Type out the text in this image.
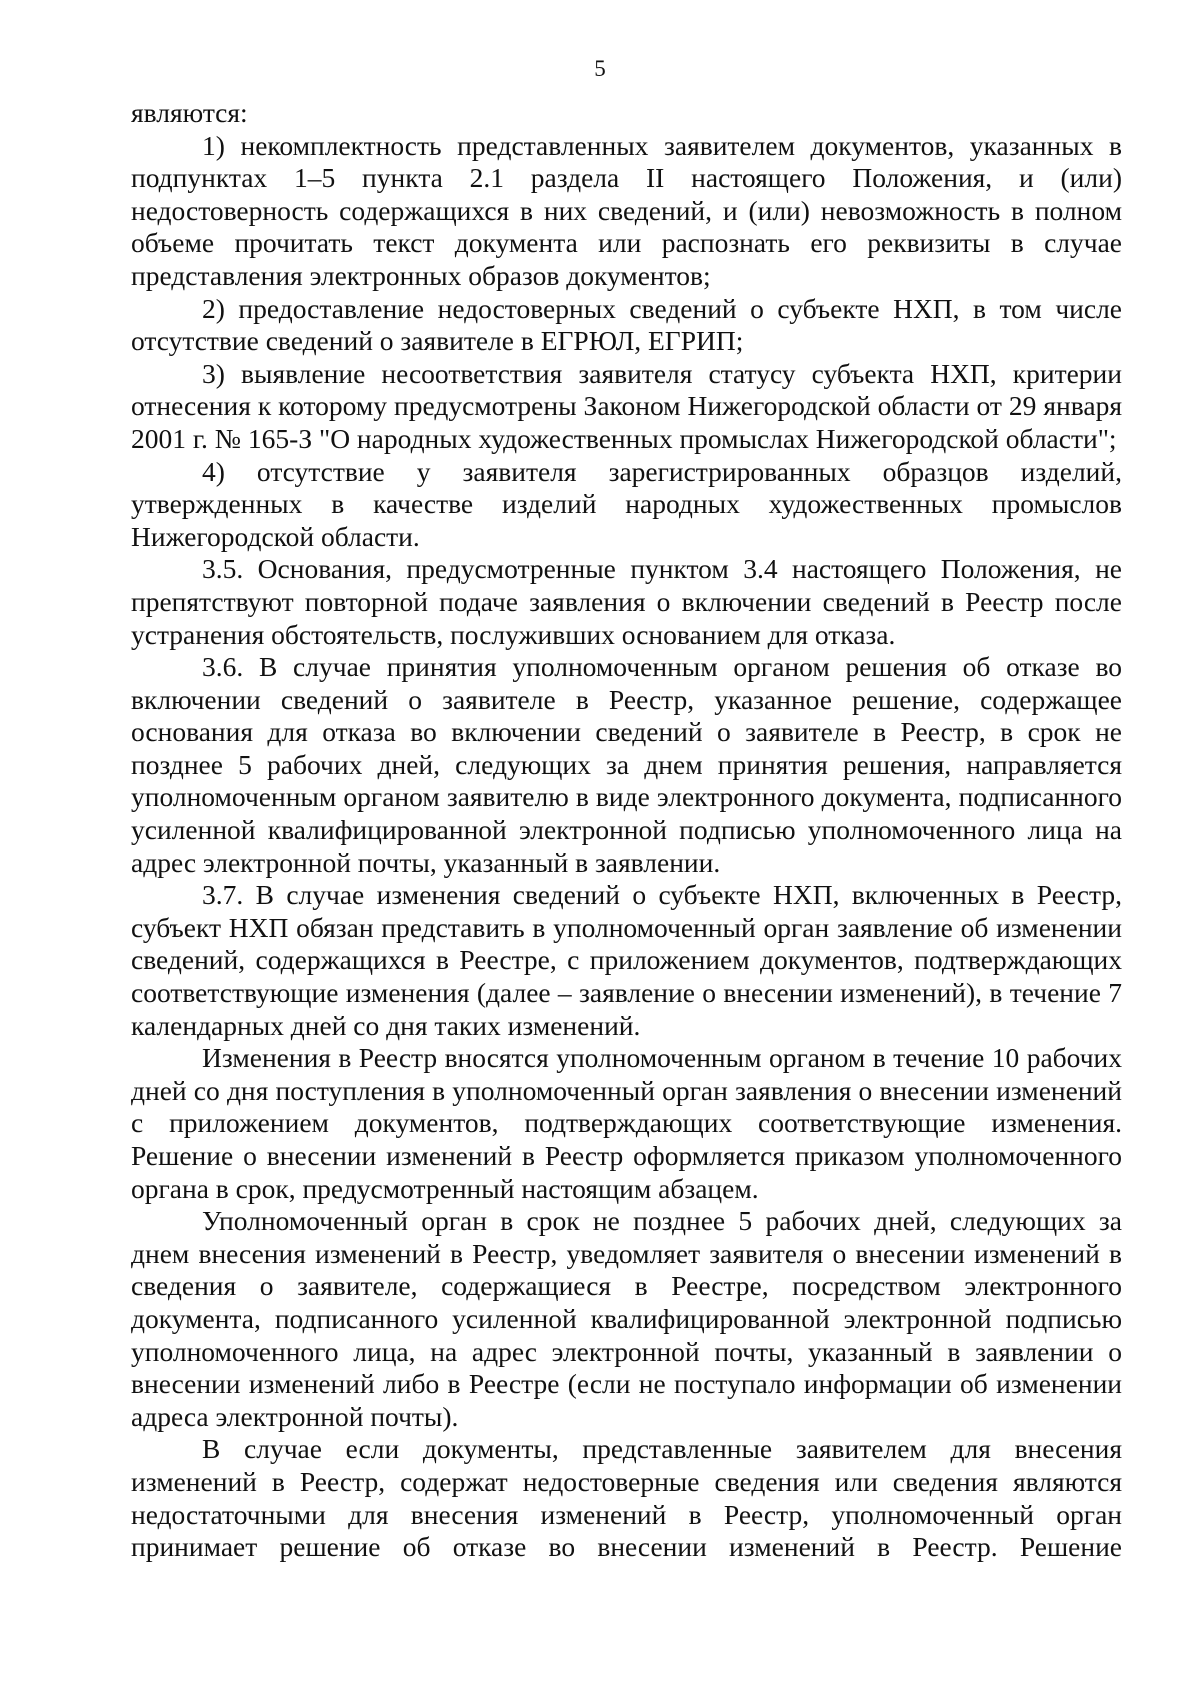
5

являются:

1) некомплектность представленных заявителем документов, указанных в подпунктах 1–5 пункта 2.1 раздела II настоящего Положения, и (или) недостоверность содержащихся в них сведений, и (или) невозможность в полном объеме прочитать текст документа или распознать его реквизиты в случае представления электронных образов документов;

2) предоставление недостоверных сведений о субъекте НХП, в том числе отсутствие сведений о заявителе в ЕГРЮЛ, ЕГРИП;

3) выявление несоответствия заявителя статусу субъекта НХП, критерии отнесения к которому предусмотрены Законом Нижегородской области от 29 января 2001 г. № 165-З "О народных художественных промыслах Нижегородской области";

4) отсутствие у заявителя зарегистрированных образцов изделий, утвержденных в качестве изделий народных художественных промыслов Нижегородской области.

3.5. Основания, предусмотренные пунктом 3.4 настоящего Положения, не препятствуют повторной подаче заявления о включении сведений в Реестр после устранения обстоятельств, послуживших основанием для отказа.

3.6. В случае принятия уполномоченным органом решения об отказе во включении сведений о заявителе в Реестр, указанное решение, содержащее основания для отказа во включении сведений о заявителе в Реестр, в срок не позднее 5 рабочих дней, следующих за днем принятия решения, направляется уполномоченным органом заявителю в виде электронного документа, подписанного усиленной квалифицированной электронной подписью уполномоченного лица на адрес электронной почты, указанный в заявлении.

3.7. В случае изменения сведений о субъекте НХП, включенных в Реестр, субъект НХП обязан представить в уполномоченный орган заявление об изменении сведений, содержащихся в Реестре, с приложением документов, подтверждающих соответствующие изменения (далее – заявление о внесении изменений), в течение 7 календарных дней со дня таких изменений.

Изменения в Реестр вносятся уполномоченным органом в течение 10 рабочих дней со дня поступления в уполномоченный орган заявления о внесении изменений с приложением документов, подтверждающих соответствующие изменения. Решение о внесении изменений в Реестр оформляется приказом уполномоченного органа в срок, предусмотренный настоящим абзацем.

Уполномоченный орган в срок не позднее 5 рабочих дней, следующих за днем внесения изменений в Реестр, уведомляет заявителя о внесении изменений в сведения о заявителе, содержащиеся в Реестре, посредством электронного документа, подписанного усиленной квалифицированной электронной подписью уполномоченного лица, на адрес электронной почты, указанный в заявлении о внесении изменений либо в Реестре (если не поступало информации об изменении адреса электронной почты).

В случае если документы, представленные заявителем для внесения изменений в Реестр, содержат недостоверные сведения или сведения являются недостаточными для внесения изменений в Реестр, уполномоченный орган принимает решение об отказе во внесении изменений в Реестр. Решение
